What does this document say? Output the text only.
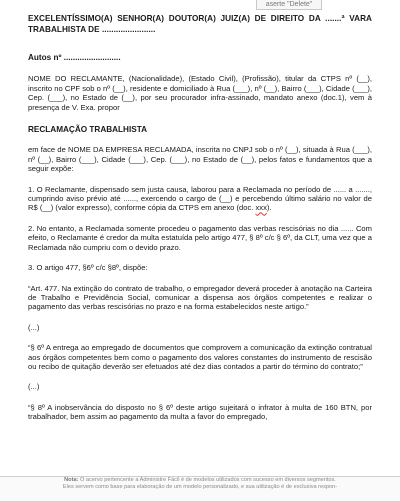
aserte "Delete"
EXCELENTÍSSIMO(A) SENHOR(A) DOUTOR(A) JUIZ(A) DE DIREITO DA .......ª VARA TRABALHISTA DE .......................
Autos nº .........................

NOME DO RECLAMANTE, (Nacionalidade), (Estado Civil), (Profissão), titular da CTPS nº (__), inscrito no CPF sob o nº (__), residente e domiciliado à Rua (___), nº (__), Bairro (___), Cidade (___), Cep. (___), no Estado de (__), por seu procurador infra-assinado, mandato anexo (doc.1), vem à presença de V. Exa. propor

RECLAMAÇÃO TRABALHISTA

em face de NOME DA EMPRESA RECLAMADA, inscrita no CNPJ sob o nº (__), situada à Rua (___), nº (__), Bairro (___), Cidade (___), Cep. (___), no Estado de (__), pelos fatos e fundamentos que a seguir expõe:

1. O Reclamante, dispensado sem justa causa, laborou para a Reclamada no período de ...... a ......., cumprindo aviso prévio até ......, exercendo o cargo de (__) e percebendo último salário no valor de R$ (__) (valor expresso), conforme cópia da CTPS em anexo (doc. xxx).

2. No entanto, a Reclamada somente procedeu o pagamento das verbas rescisórias no dia ...... Com efeito, o Reclamante é credor da multa estatuída pelo artigo 477, § 8º c/c § 6º, da CLT, uma vez que a Reclamada não cumpriu com o devido prazo.

3. O artigo 477, §6º c/c §8º, dispõe:

“Art. 477. Na extinção do contrato de trabalho, o empregador deverá proceder à anotação na Carteira de Trabalho e Previdência Social, comunicar a dispensa aos órgãos competentes e realizar o pagamento das verbas rescisórias no prazo e na forma estabelecidos neste artigo.”

(...)

“§ 6º A entrega ao empregado de documentos que comprovem a comunicação da extinção contratual aos órgãos competentes bem como o pagamento dos valores constantes do instrumento de rescisão ou recibo de quitação deverão ser efetuados até dez dias contados a partir do término do contrato;”

(...)

“§ 8º A inobservância do disposto no § 6º deste artigo sujeitará o infrator à multa de 160 BTN, por trabalhador, bem assim ao pagamento da multa a favor do empregado,

Nota: O acervo pertencente a Administre Fácil é de modelos utilizados com sucesso em diversos segmentos.
Eles servem como base para elaboração de um modelo personalizado, e sua utilização é de exclusiva respon-
